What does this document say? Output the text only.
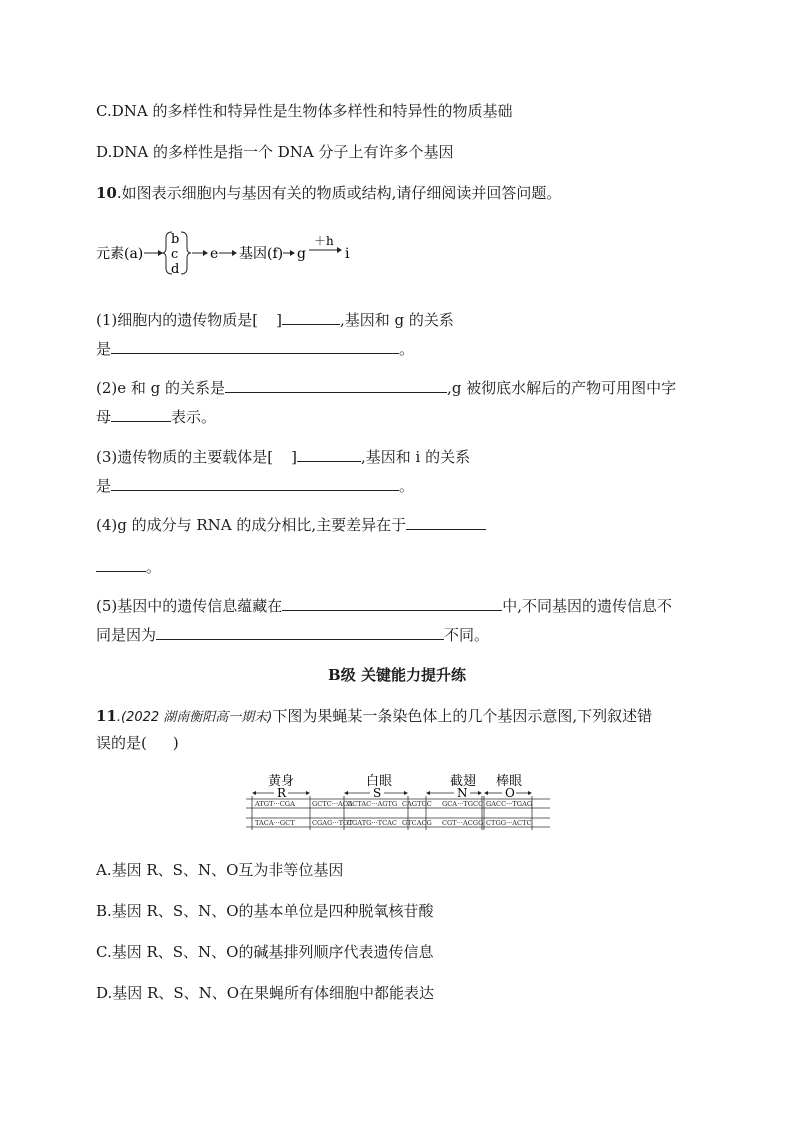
C.DNA 的多样性和特异性是生物体多样性和特异性的物质基础
D.DNA 的多样性是指一个 DNA 分子上有许多个基因
10.如图表示细胞内与基因有关的物质或结构,请仔细阅读并回答问题。
元素(a)
b
c
d
e 基因(f) g
＋h
i
(1)细胞内的遗传物质是[ ]	,基因和 g 的关系
是	。
(2)e 和 g 的关系是	,g 被彻底水解后的产物可用图中字
母	表示。
(3)遗传物质的主要载体是[ ]	,基因和 i 的关系
是	。
(4)g 的成分与 RNA 的成分相比,主要差异在于
。
(5)基因中的遗传信息蕴藏在	中,不同基因的遗传信息不
同是因为	不同。
B级 关键能力提升练
11.(2022 湖南衡阳高一期末)下图为果蝇某一条染色体上的几个基因示意图,下列叙述错
误的是( )
黄身	白眼	截翅 棒眼
R	S	N	O
ATGT···CGA	GCTC···ACA
GCTAC···AGTG CAGTGC GCA···TGCC GACC···TGAG
TACA···GCT	CGAG···TGT
CGATG···TCAC GTCACG CGT···ACGG CTGG···ACTC
A.基因 R、S、N、O互为非等位基因
B.基因 R、S、N、O的基本单位是四种脱氧核苷酸
C.基因 R、S、N、O的碱基排列顺序代表遗传信息
D.基因 R、S、N、O在果蝇所有体细胞中都能表达
